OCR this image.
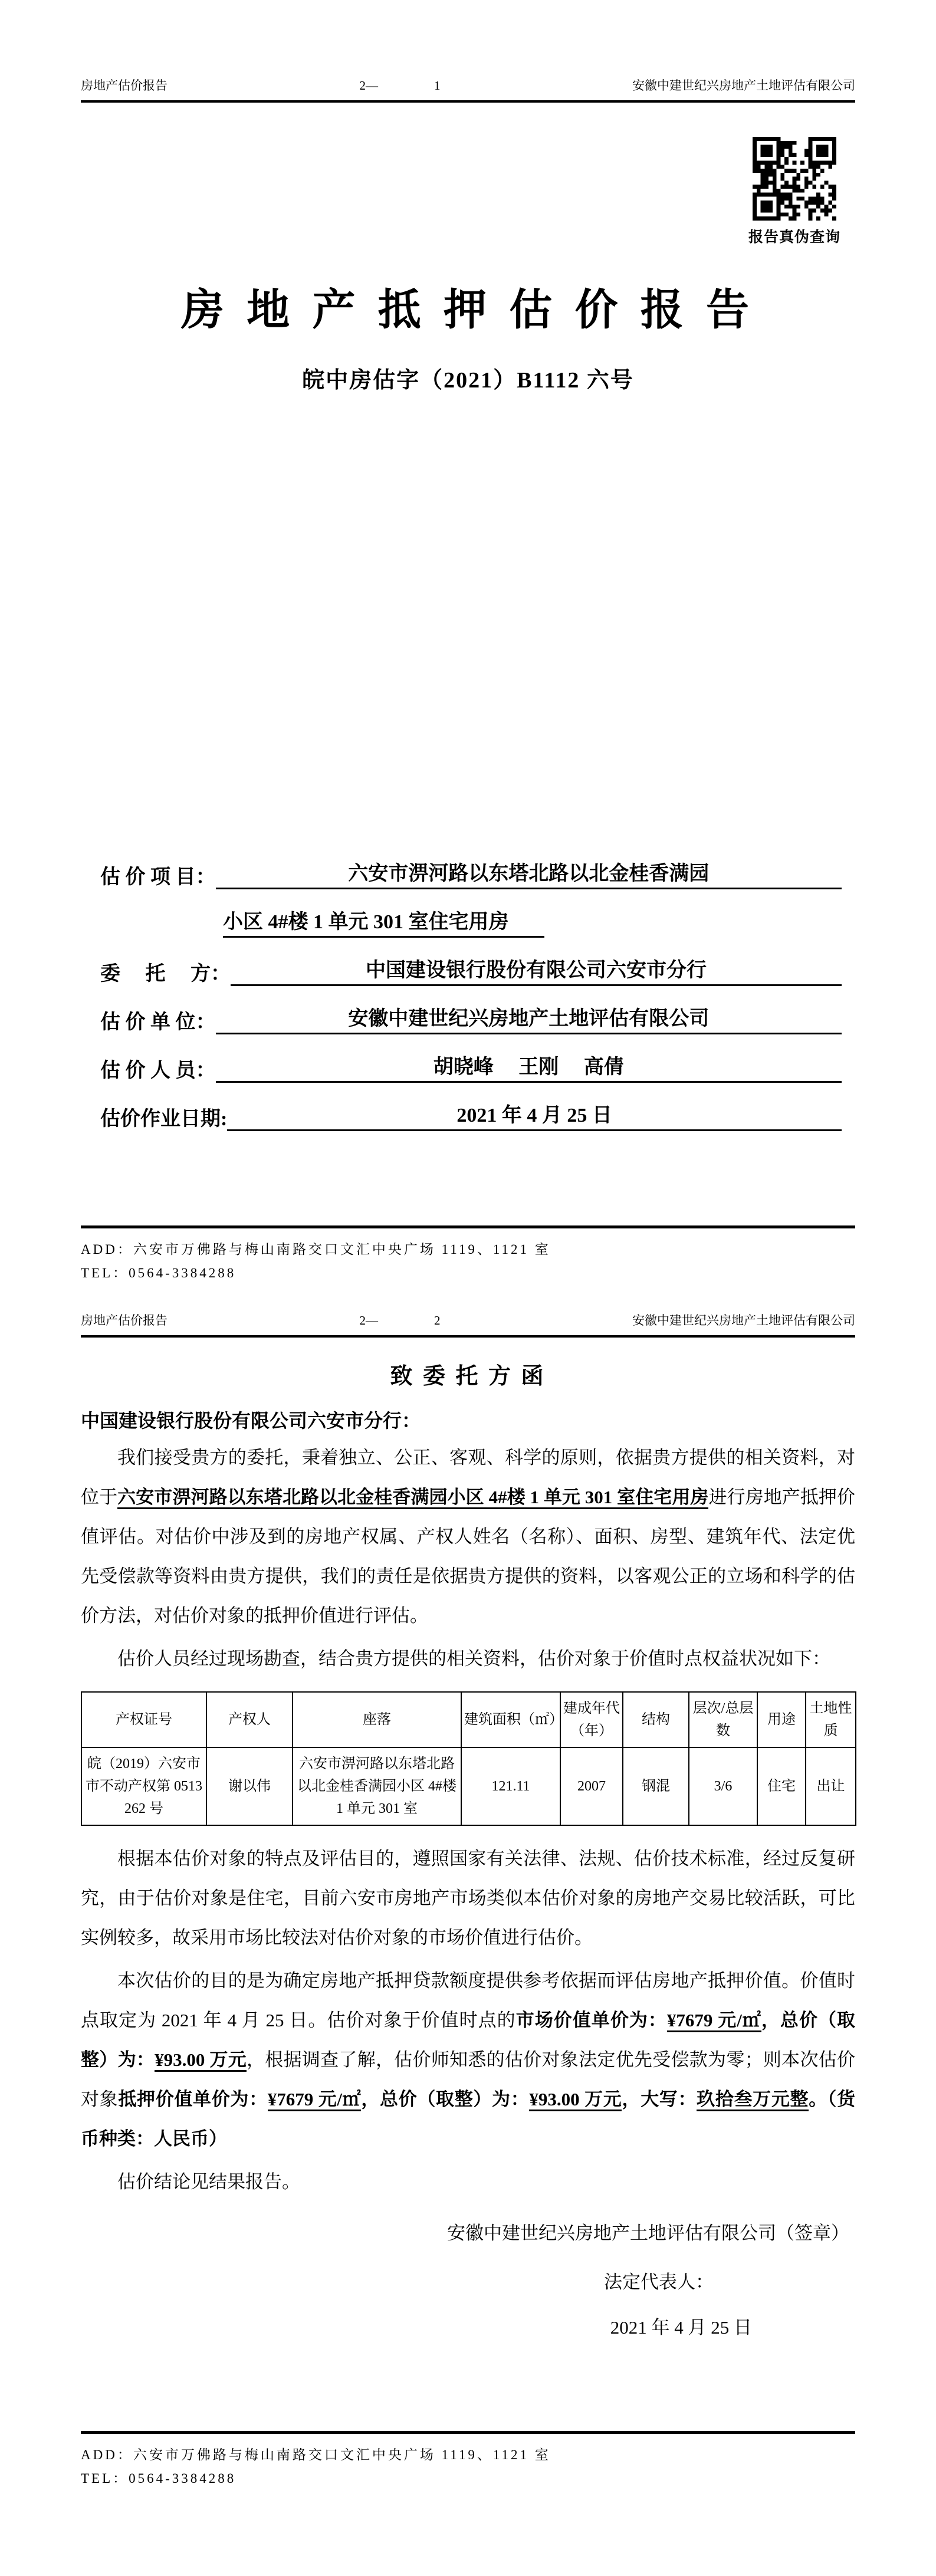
房地产估价报告	2—	1	安徽中建世纪兴房地产土地评估有限公司
报告真伪查询
房 地 产 抵 押 估 价 报 告
皖中房估字（2021）B1112 六号
估 价 项 目：	六安市淠河路以东塔北路以北金桂香满园
小区 4#楼 1 单元 301 室住宅用房
委　 托 　方：	中国建设银行股份有限公司六安市分行
估 价 单 位：	安徽中建世纪兴房地产土地评估有限公司
估 价 人 员：	胡晓峰　 王刚　 高倩
估价作业日期:	2021 年 4 月 25 日
ADD：六安市万佛路与梅山南路交口文汇中央广场 1119、1121 室
TEL：0564-3384288
房地产估价报告	2—	2	安徽中建世纪兴房地产土地评估有限公司
致 委 托 方 函
中国建设银行股份有限公司六安市分行：

我们接受贵方的委托，秉着独立、公正、客观、科学的原则，依据贵方提供的相关资料，对位于六安市淠河路以东塔北路以北金桂香满园小区 4#楼 1 单元 301 室住宅用房进行房地产抵押价值评估。对估价中涉及到的房地产权属、产权人姓名（名称）、面积、房型、建筑年代、法定优先受偿款等资料由贵方提供，我们的责任是依据贵方提供的资料，以客观公正的立场和科学的估价方法，对估价对象的抵押价值进行评估。

估价人员经过现场勘查，结合贵方提供的相关资料，估价对象于价值时点权益状况如下：

产权证号	产权人	座落	建筑面积（㎡）	建成年代（年）	结构	层次/总层数	用途	土地性质
皖（2019）六安市市不动产权第 0513262 号	谢以伟	六安市淠河路以东塔北路以北金桂香满园小区 4#楼 1 单元 301 室	121.11	2007	钢混	3/6	住宅	出让

根据本估价对象的特点及评估目的，遵照国家有关法律、法规、估价技术标准，经过反复研究，由于估价对象是住宅，目前六安市房地产市场类似本估价对象的房地产交易比较活跃，可比实例较多，故采用市场比较法对估价对象的市场价值进行估价。

本次估价的目的是为确定房地产抵押贷款额度提供参考依据而评估房地产抵押价值。价值时点取定为 2021 年 4 月 25 日。估价对象于价值时点的市场价值单价为：¥7679 元/㎡，总价（取整）为：¥93.00 万元，根据调查了解，估价师知悉的估价对象法定优先受偿款为零；则本次估价对象抵押价值单价为：¥7679 元/㎡，总价（取整）为：¥93.00 万元，大写：玖拾叁万元整。（货币种类：人民币）

估价结论见结果报告。

安徽中建世纪兴房地产土地评估有限公司（签章）
法定代表人：
2021 年 4 月 25 日
ADD：六安市万佛路与梅山南路交口文汇中央广场 1119、1121 室
TEL：0564-3384288
